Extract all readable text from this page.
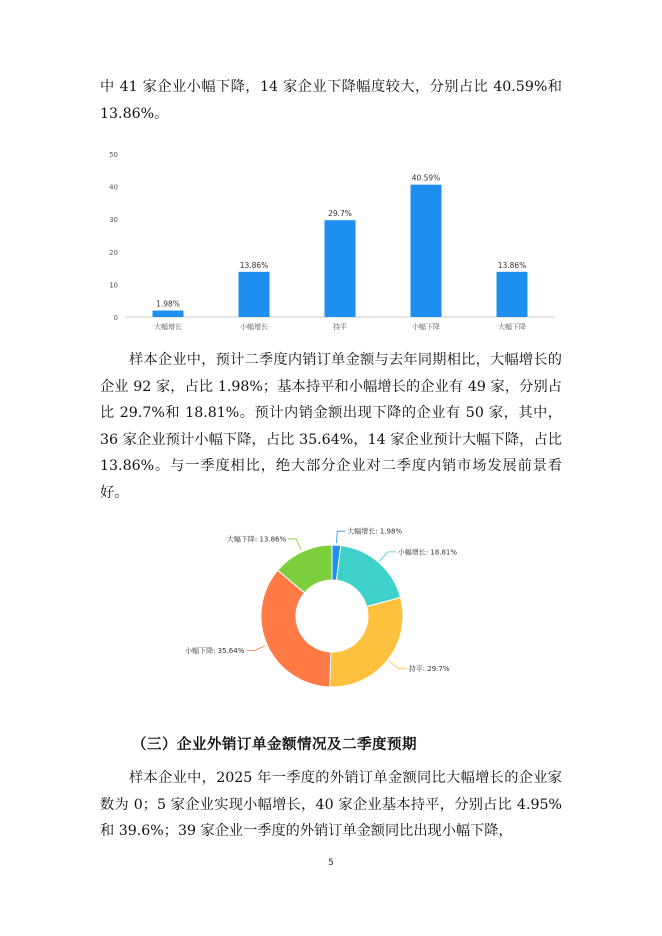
中 41 家企业小幅下降，14 家企业下降幅度较大，分别占比 40.59%和 13.86%。

0
10
20
30
40
50
1.98%
大幅增长
13.86%
小幅增长
29.7%
持平
40.59%
小幅下降
13.86%
大幅下降

样本企业中，预计二季度内销订单金额与去年同期相比，大幅增长的企业 92 家，占比 1.98%；基本持平和小幅增长的企业有 49 家，分别占比 29.7%和 18.81%。预计内销金额出现下降的企业有 50 家，其中，36 家企业预计小幅下降，占比 35.64%，14 家企业预计大幅下降，占比 13.86%。与一季度相比，绝大部分企业对二季度内销市场发展前景看好。

大幅增长: 1.98%
小幅增长: 18.81%
持平: 29.7%
小幅下降: 35.64%
大幅下降: 13.86%

（三）企业外销订单金额情况及二季度预期

样本企业中，2025 年一季度的外销订单金额同比大幅增长的企业家数为 0；5 家企业实现小幅增长，40 家企业基本持平，分别占比 4.95%和 39.6%；39 家企业一季度的外销订单金额同比出现小幅下降，

5
